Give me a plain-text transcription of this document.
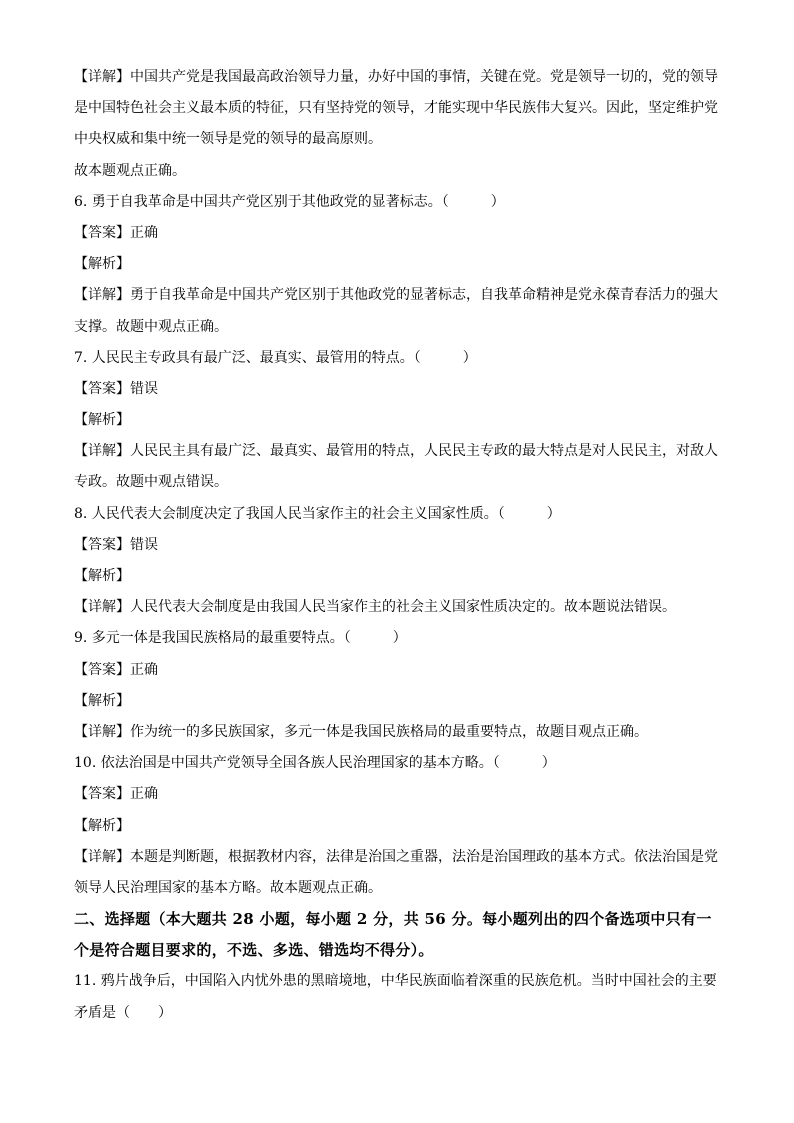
【详解】中国共产党是我国最高政治领导力量，办好中国的事情，关键在党。党是领导一切的，党的领导
是中国特色社会主义最本质的特征，只有坚持党的领导，才能实现中华民族伟大复兴。因此，坚定维护党
中央权威和集中统一领导是党的领导的最高原则。
故本题观点正确。
6. 勇于自我革命是中国共产党区别于其他政党的显著标志。（　　　）
【答案】正确
【解析】
【详解】勇于自我革命是中国共产党区别于其他政党的显著标志，自我革命精神是党永葆青春活力的强大
支撑。故题中观点正确。
7. 人民民主专政具有最广泛、最真实、最管用的特点。（　　　）
【答案】错误
【解析】
【详解】人民民主具有最广泛、最真实、最管用的特点，人民民主专政的最大特点是对人民民主，对敌人
专政。故题中观点错误。
8. 人民代表大会制度决定了我国人民当家作主的社会主义国家性质。（　　　）
【答案】错误
【解析】
【详解】人民代表大会制度是由我国人民当家作主的社会主义国家性质决定的。故本题说法错误。
9. 多元一体是我国民族格局的最重要特点。（　　　）
【答案】正确
【解析】
【详解】作为统一的多民族国家，多元一体是我国民族格局的最重要特点，故题目观点正确。
10. 依法治国是中国共产党领导全国各族人民治理国家的基本方略。（　　　）
【答案】正确
【解析】
【详解】本题是判断题，根据教材内容，法律是治国之重器，法治是治国理政的基本方式。依法治国是党
领导人民治理国家的基本方略。故本题观点正确。
二、选择题（本大题共 28 小题，每小题 2 分，共 56 分。每小题列出的四个备选项中只有一
个是符合题目要求的，不选、多选、错选均不得分）。
11. 鸦片战争后，中国陷入内忧外患的黑暗境地，中华民族面临着深重的民族危机。当时中国社会的主要
矛盾是（　　）
